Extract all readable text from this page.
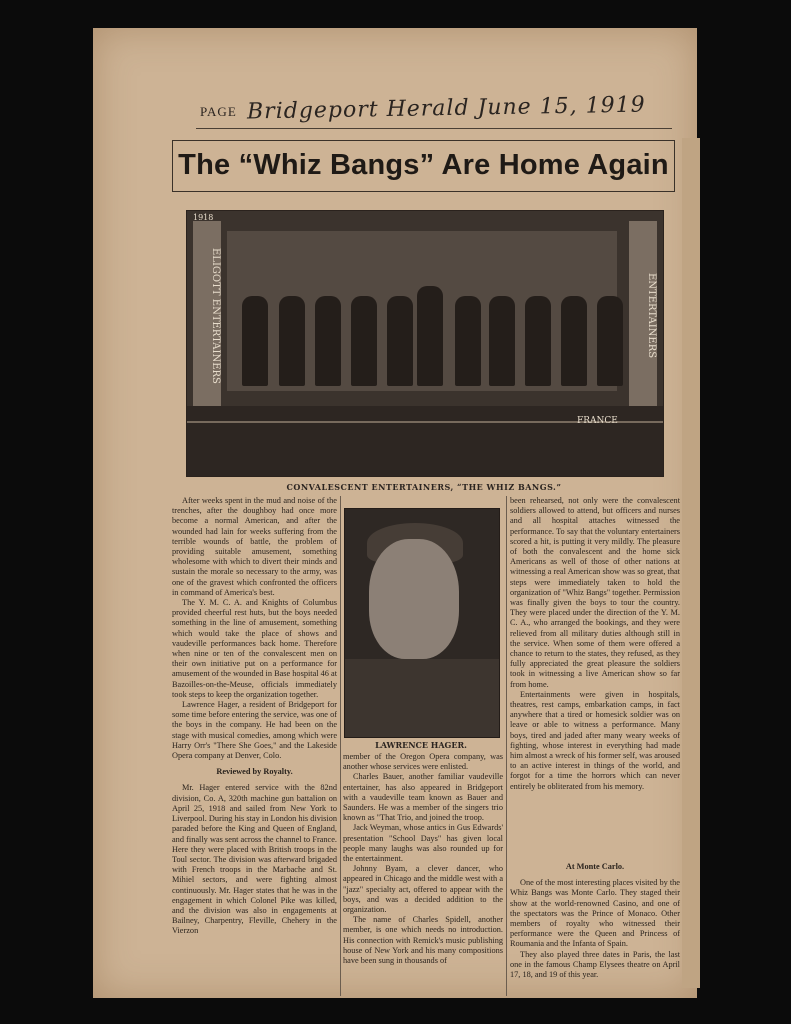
PAGE Bridgeport Herald June 15, 1919
The “Whiz Bangs” Are Home Again
ELIGOTT ENTERTAINERS	ENTERTAINERS
1918
FRANCE
CONVALESCENT ENTERTAINERS, “THE WHIZ BANGS.”

After weeks spent in the mud and noise of the trenches, after the doughboy had once more become a normal American, and after the wounded had lain for weeks suffering from the terrible wounds of battle, the problem of providing suitable amusement, something wholesome with which to divert their minds and sustain the morale so necessary to the army, was one of the gravest which confronted the officers in command of America's best.

The Y. M. C. A. and Knights of Columbus provided cheerful rest huts, but the boys needed something in the line of amusement, something which would take the place of shows and vaudeville performances back home. Therefore when nine or ten of the convalescent men on their own initiative put on a performance for amusement of the wounded in Base hospital 46 at Bazoilles-on-the-Meuse, officials immediately took steps to keep the organization together.

Lawrence Hager, a resident of Bridgeport for some time before entering the service, was one of the boys in the company. He had been on the stage with musical comedies, among which were Harry Orr's "There She Goes," and the Lakeside Opera company at Denver, Colo.

Reviewed by Royalty.

Mr. Hager entered service with the 82nd division, Co. A, 320th machine gun battalion on April 25, 1918 and sailed from New York to Liverpool. During his stay in London his division paraded before the King and Queen of England, and finally was sent across the channel to France. Here they were placed with British troops in the Toul sector. The division was afterward brigaded with French troops in the Marbache and St. Mihiel sectors, and were fighting almost continuously. Mr. Hager states that he was in the engagement in which Colonel Pike was killed, and the division was also in engagements at Bailney, Charpentry, Fleville, Chehery in the Vierzon

LAWRENCE HAGER.

member of the Oregon Opera company, was another whose services were enlisted.

Charles Bauer, another familiar vaudeville entertainer, has also appeared in Bridgeport with a vaudeville team known as Bauer and Saunders. He was a member of the singers trio known as "That Trio, and joined the troop.

Jack Weyman, whose antics in Gus Edwards' presentation "School Days" has given local people many laughs was also rounded up for the entertainment.

Johnny Byam, a clever dancer, who appeared in Chicago and the middle west with a "jazz" specialty act, offered to appear with the boys, and was a decided addition to the organization.

The name of Charles Spidell, another member, is one which needs no introduction. His connection with Remick's music publishing house of New York and his many compositions have been sung in thousands of

been rehearsed, not only were the convalescent soldiers allowed to attend, but officers and nurses and all hospital attaches witnessed the performance. To say that the voluntary entertainers scored a hit, is putting it very mildly. The pleasure of both the convalescent and the home sick Americans as well of those of other nations at witnessing a real American show was so great, that steps were immediately taken to hold the organization of "Whiz Bangs" together. Permission was finally given the boys to tour the country. They were placed under the direction of the Y. M. C. A., who arranged the bookings, and they were relieved from all military duties although still in the service. When some of them were offered a chance to return to the states, they refused, as they fully appreciated the great pleasure the soldiers took in witnessing a live American show so far from home.

Entertainments were given in hospitals, theatres, rest camps, embarkation camps, in fact anywhere that a tired or homesick soldier was on leave or able to witness a performance. Many boys, tired and jaded after many weary weeks of fighting, whose interest in everything had made him almost a wreck of his former self, was aroused to an active interest in things of the world, and forgot for a time the horrors which can never entirely be obliterated from his memory.

At Monte Carlo.

One of the most interesting places visited by the Whiz Bangs was Monte Carlo. They staged their show at the world-renowned Casino, and one of the spectators was the Prince of Monaco. Other members of royalty who witnessed their performance were the Queen and Princess of Roumania and the Infanta of Spain.

They also played three dates in Paris, the last one in the famous Champ Elysees theatre on April 17, 18, and 19 of this year.
